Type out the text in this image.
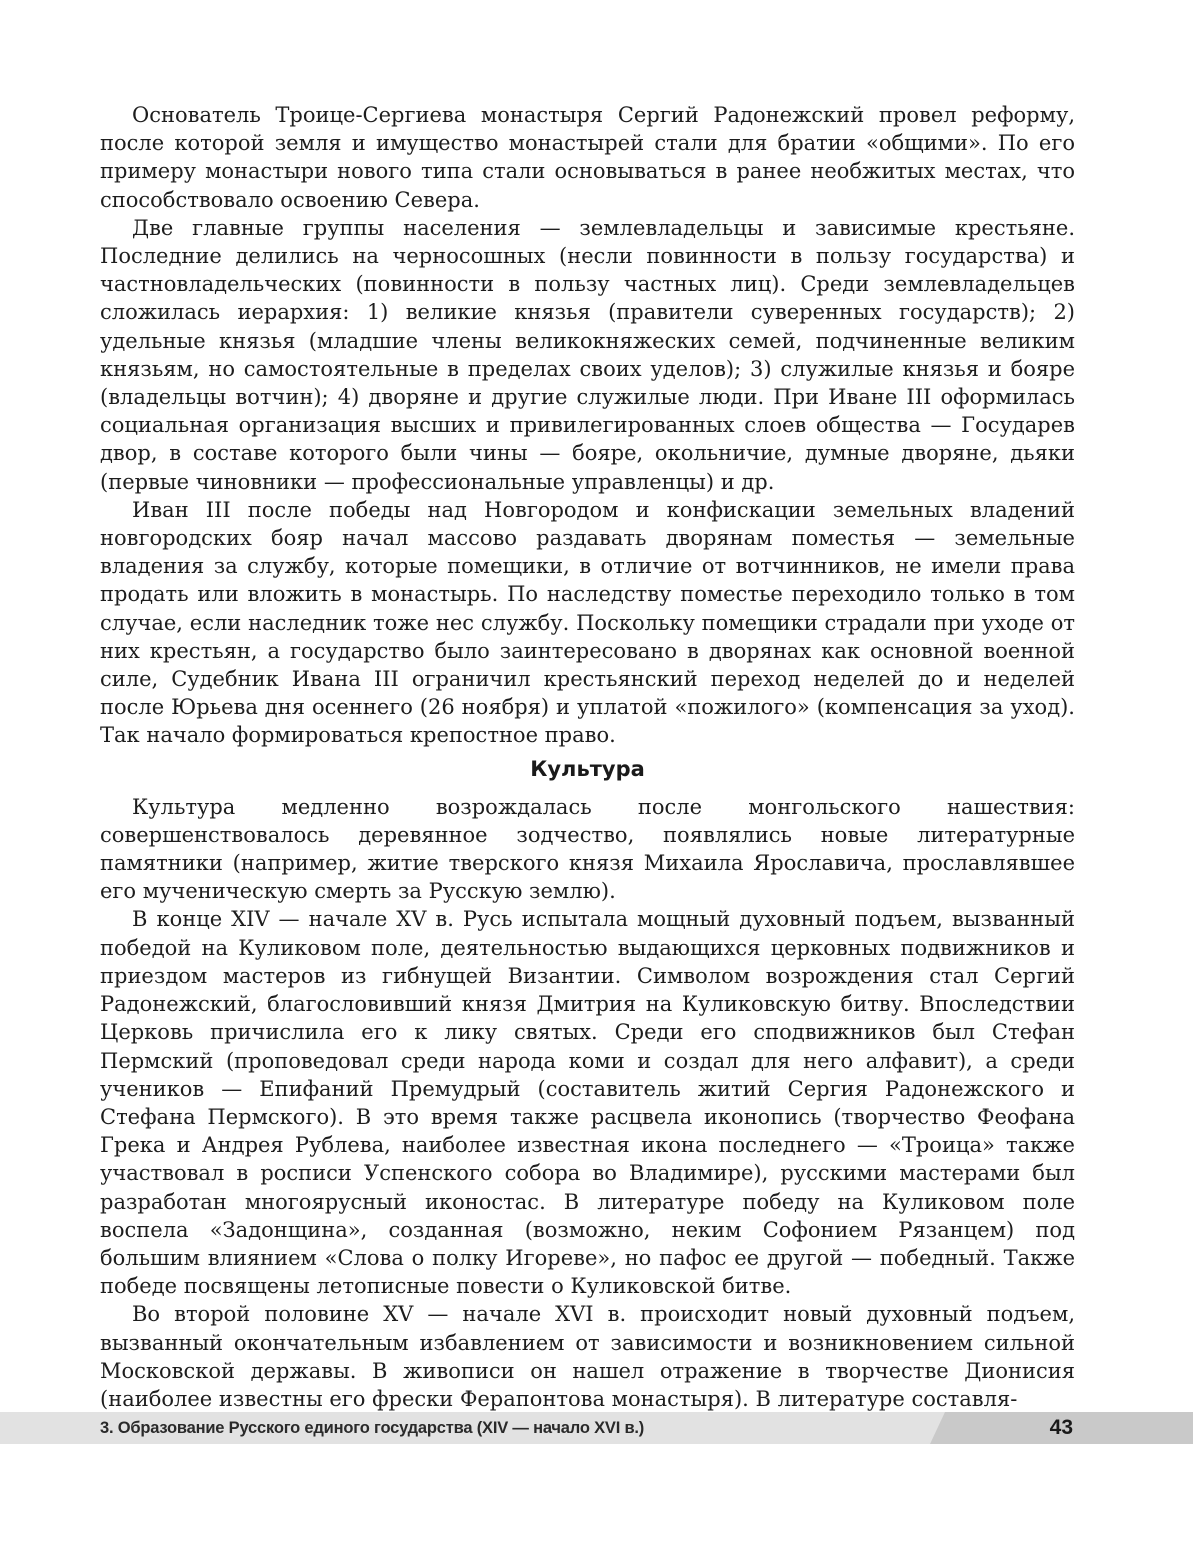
Основатель Троице-Сергиева монастыря Сергий Радонежский провел реформу, после которой земля и имущество монастырей стали для братии «общими». По его примеру монастыри нового типа стали основываться в ранее необжитых местах, что способствовало освоению Севера.

Две главные группы населения — землевладельцы и зависимые крестьяне. Последние делились на черносошных (несли повинности в пользу государства) и частновладельческих (повинности в пользу частных лиц). Среди землевладельцев сложилась иерархия: 1) великие князья (правители суверенных государств); 2) удельные князья (младшие члены великокняжеских семей, подчиненные великим князьям, но самостоятельные в пределах своих уделов); 3) служилые князья и бояре (владельцы вотчин); 4) дворяне и другие служилые люди. При Иване III оформилась социальная организация высших и привилегированных слоев общества — Государев двор, в составе которого были чины — бояре, окольничие, думные дворяне, дьяки (первые чиновники — профессиональные управленцы) и др.

Иван III после победы над Новгородом и конфискации земельных владений новгородских бояр начал массово раздавать дворянам поместья — земельные владения за службу, которые помещики, в отличие от вотчинников, не имели права продать или вложить в монастырь. По наследству поместье переходило только в том случае, если наследник тоже нес службу. Поскольку помещики страдали при уходе от них крестьян, а государство было заинтересовано в дворянах как основной военной силе, Судебник Ивана III ограничил крестьянский переход неделей до и неделей после Юрьева дня осеннего (26 ноября) и уплатой «пожилого» (компенсация за уход). Так начало формироваться крепостное право.

Культура

Культура медленно возрождалась после монгольского нашествия: совершенствовалось деревянное зодчество, появлялись новые литературные памятники (например, житие тверского князя Михаила Ярославича, прославлявшее его мученическую смерть за Русскую землю).

В конце XIV — начале XV в. Русь испытала мощный духовный подъем, вызванный победой на Куликовом поле, деятельностью выдающихся церковных подвижников и приездом мастеров из гибнущей Византии. Символом возрождения стал Сергий Радонежский, благословивший князя Дмитрия на Куликовскую битву. Впоследствии Церковь причислила его к лику святых. Среди его сподвижников был Стефан Пермский (проповедовал среди народа коми и создал для него алфавит), а среди учеников — Епифаний Премудрый (составитель житий Сергия Радонежского и Стефана Пермского). В это время также расцвела иконопись (творчество Феофана Грека и Андрея Рублева, наиболее известная икона последнего — «Троица» также участвовал в росписи Успенского собора во Владимире), русскими мастерами был разработан многоярусный иконостас. В литературе победу на Куликовом поле воспела «Задонщина», созданная (возможно, неким Софонием Рязанцем) под большим влиянием «Слова о полку Игореве», но пафос ее другой — победный. Также победе посвящены летописные повести о Куликовской битве.

Во второй половине XV — начале XVI в. происходит новый духовный подъем, вызванный окончательным избавлением от зависимости и возникновением сильной Московской державы. В живописи он нашел отражение в творчестве Дионисия (наиболее известны его фрески Ферапонтова монастыря). В литературе составля-

3. Образование Русского единого государства (XIV — начало XVI в.)	43
